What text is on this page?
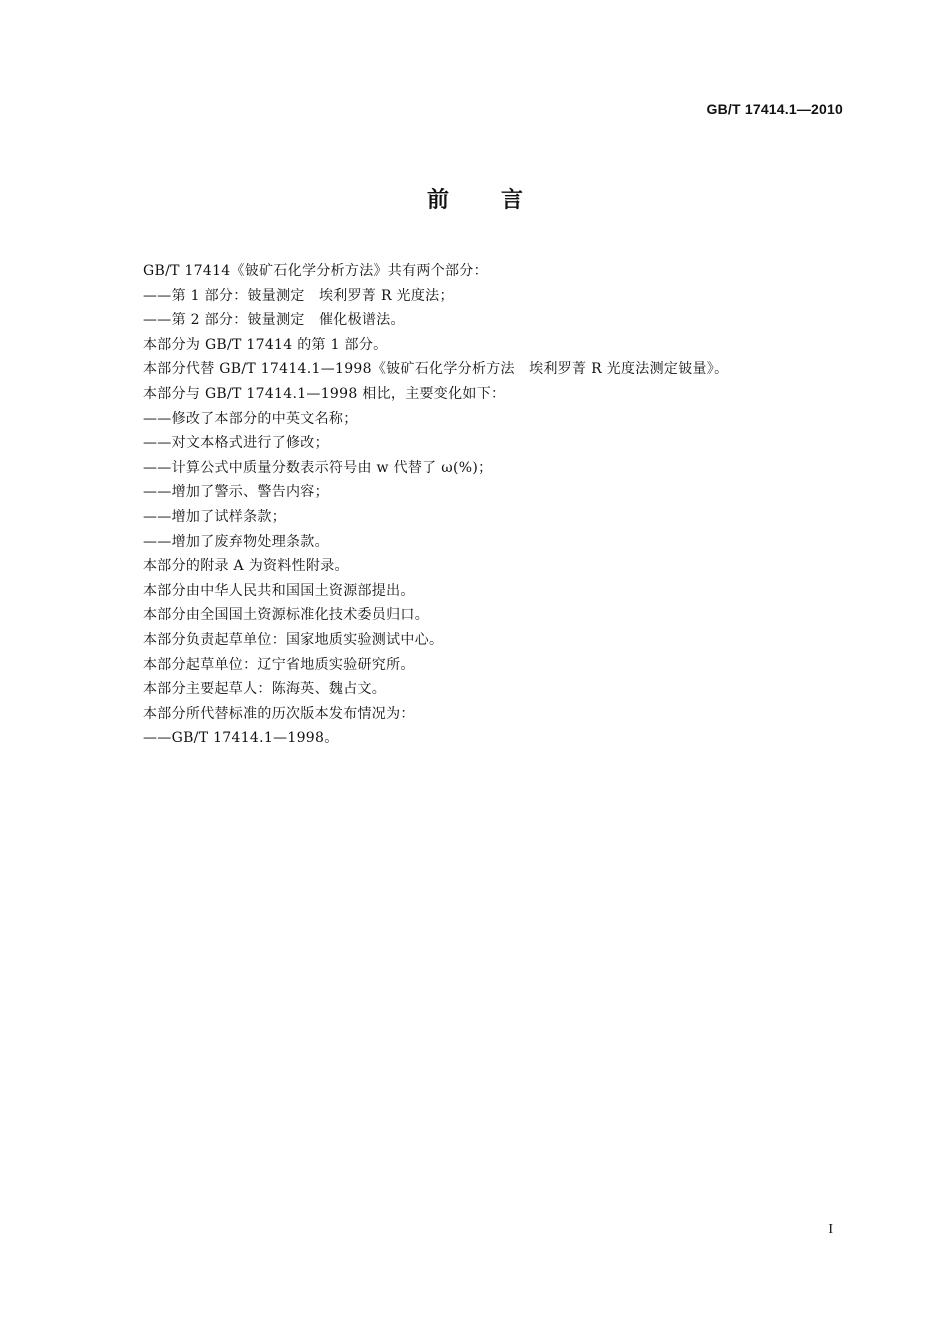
GB/T 17414.1—2010
前 言
GB/T 17414《铍矿石化学分析方法》共有两个部分：
——第 1 部分：铍量测定　埃利罗菁 R 光度法；
——第 2 部分：铍量测定　催化极谱法。
本部分为 GB/T 17414 的第 1 部分。
本部分代替 GB/T 17414.1—1998《铍矿石化学分析方法　埃利罗菁 R 光度法测定铍量》。
本部分与 GB/T 17414.1—1998 相比，主要变化如下：
——修改了本部分的中英文名称；
——对文本格式进行了修改；
——计算公式中质量分数表示符号由 w 代替了 ω(%)；
——增加了警示、警告内容；
——增加了试样条款；
——增加了废弃物处理条款。
本部分的附录 A 为资料性附录。
本部分由中华人民共和国国土资源部提出。
本部分由全国国土资源标准化技术委员归口。
本部分负责起草单位：国家地质实验测试中心。
本部分起草单位：辽宁省地质实验研究所。
本部分主要起草人：陈海英、魏占文。
本部分所代替标准的历次版本发布情况为：
——GB/T 17414.1—1998。
I
